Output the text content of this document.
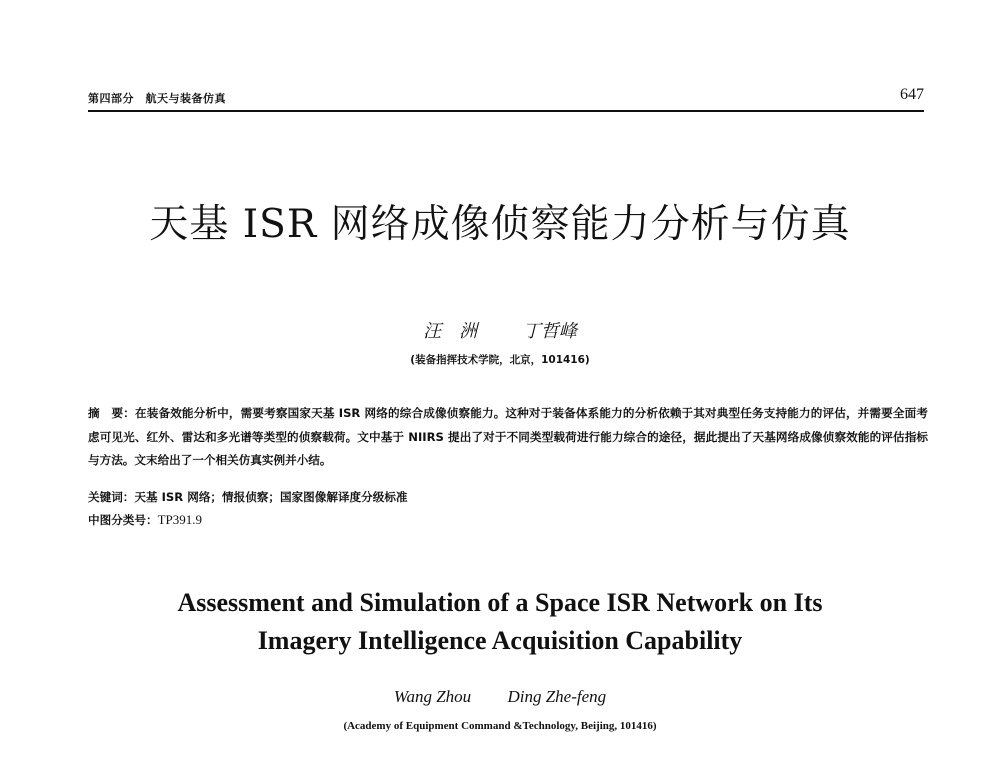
第四部分　航天与装备仿真	647
天基 ISR 网络成像侦察能力分析与仿真
汪　洲	丁哲峰
(装备指挥技术学院，北京，101416)
摘　要：在装备效能分析中，需要考察国家天基 ISR 网络的综合成像侦察能力。这种对于装备体系能力的分析依赖于其对典型任务支持能力的评估，并需要全面考虑可见光、红外、雷达和多光谱等类型的侦察载荷。文中基于 NIIRS 提出了对于不同类型载荷进行能力综合的途径，据此提出了天基网络成像侦察效能的评估指标与方法。文末给出了一个相关仿真实例并小结。
关键词：天基 ISR 网络；情报侦察；国家图像解译度分级标准
中图分类号：TP391.9
Assessment and Simulation of a Space ISR Network on Its
Imagery Intelligence Acquisition Capability
Wang Zhou Ding Zhe-feng
(Academy of Equipment Command &Technology, Beijing, 101416)
